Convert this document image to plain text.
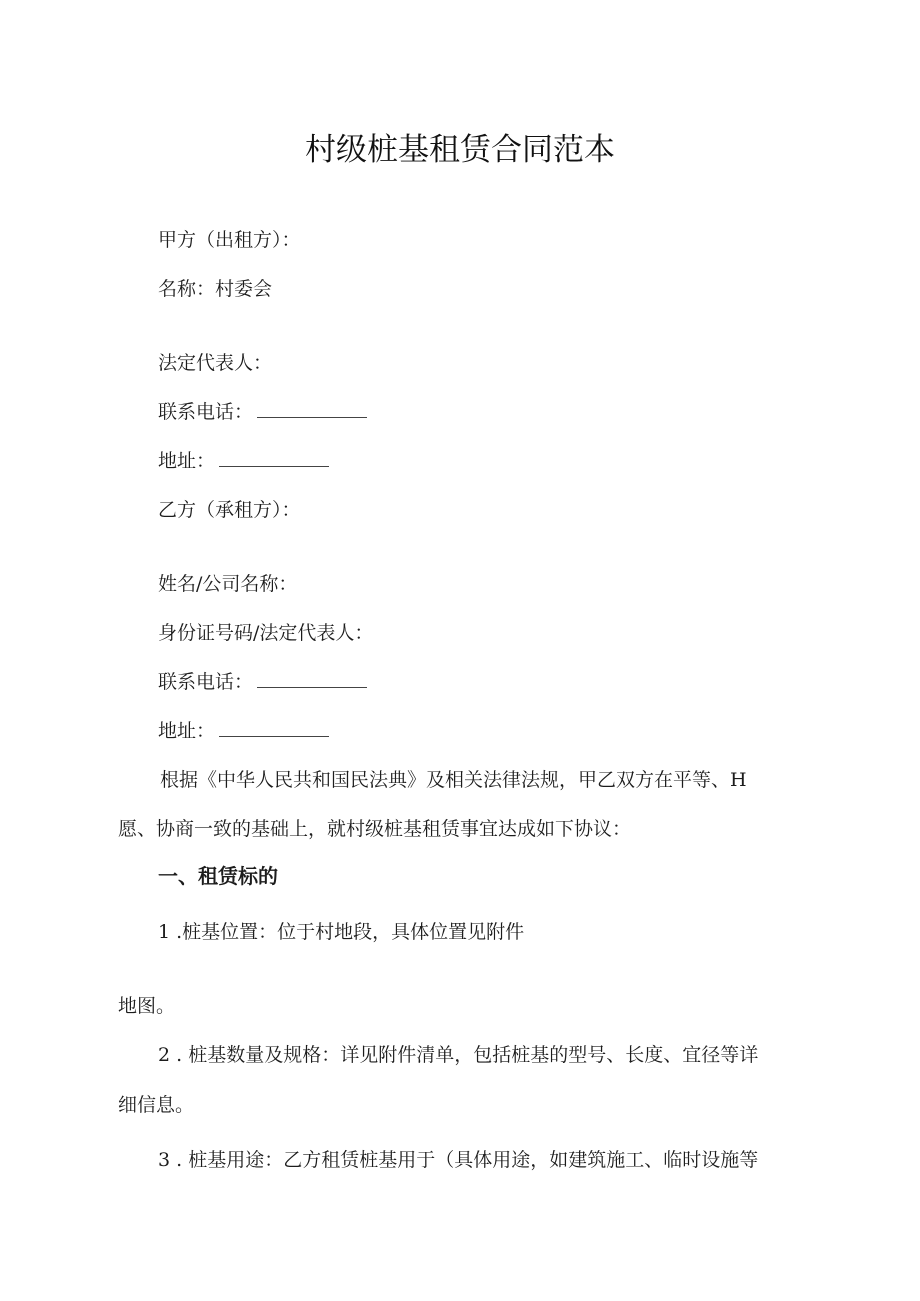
村级桩基租赁合同范本
甲方（出租方）：
名称：村委会
法定代表人：
联系电话：
地址：
乙方（承租方）：
姓名/公司名称：
身份证号码/法定代表人：
联系电话：
地址：
根据《中华人民共和国民法典》及相关法律法规，甲乙双方在平等、H
愿、协商一致的基础上，就村级桩基租赁事宜达成如下协议：
一、租赁标的
1 .桩基位置：位于村地段，具体位置见附件
地图。
2 . 桩基数量及规格：详见附件清单，包括桩基的型号、长度、宜径等详
细信息。
3 . 桩基用途：乙方租赁桩基用于（具体用途，如建筑施工、临时设施等
